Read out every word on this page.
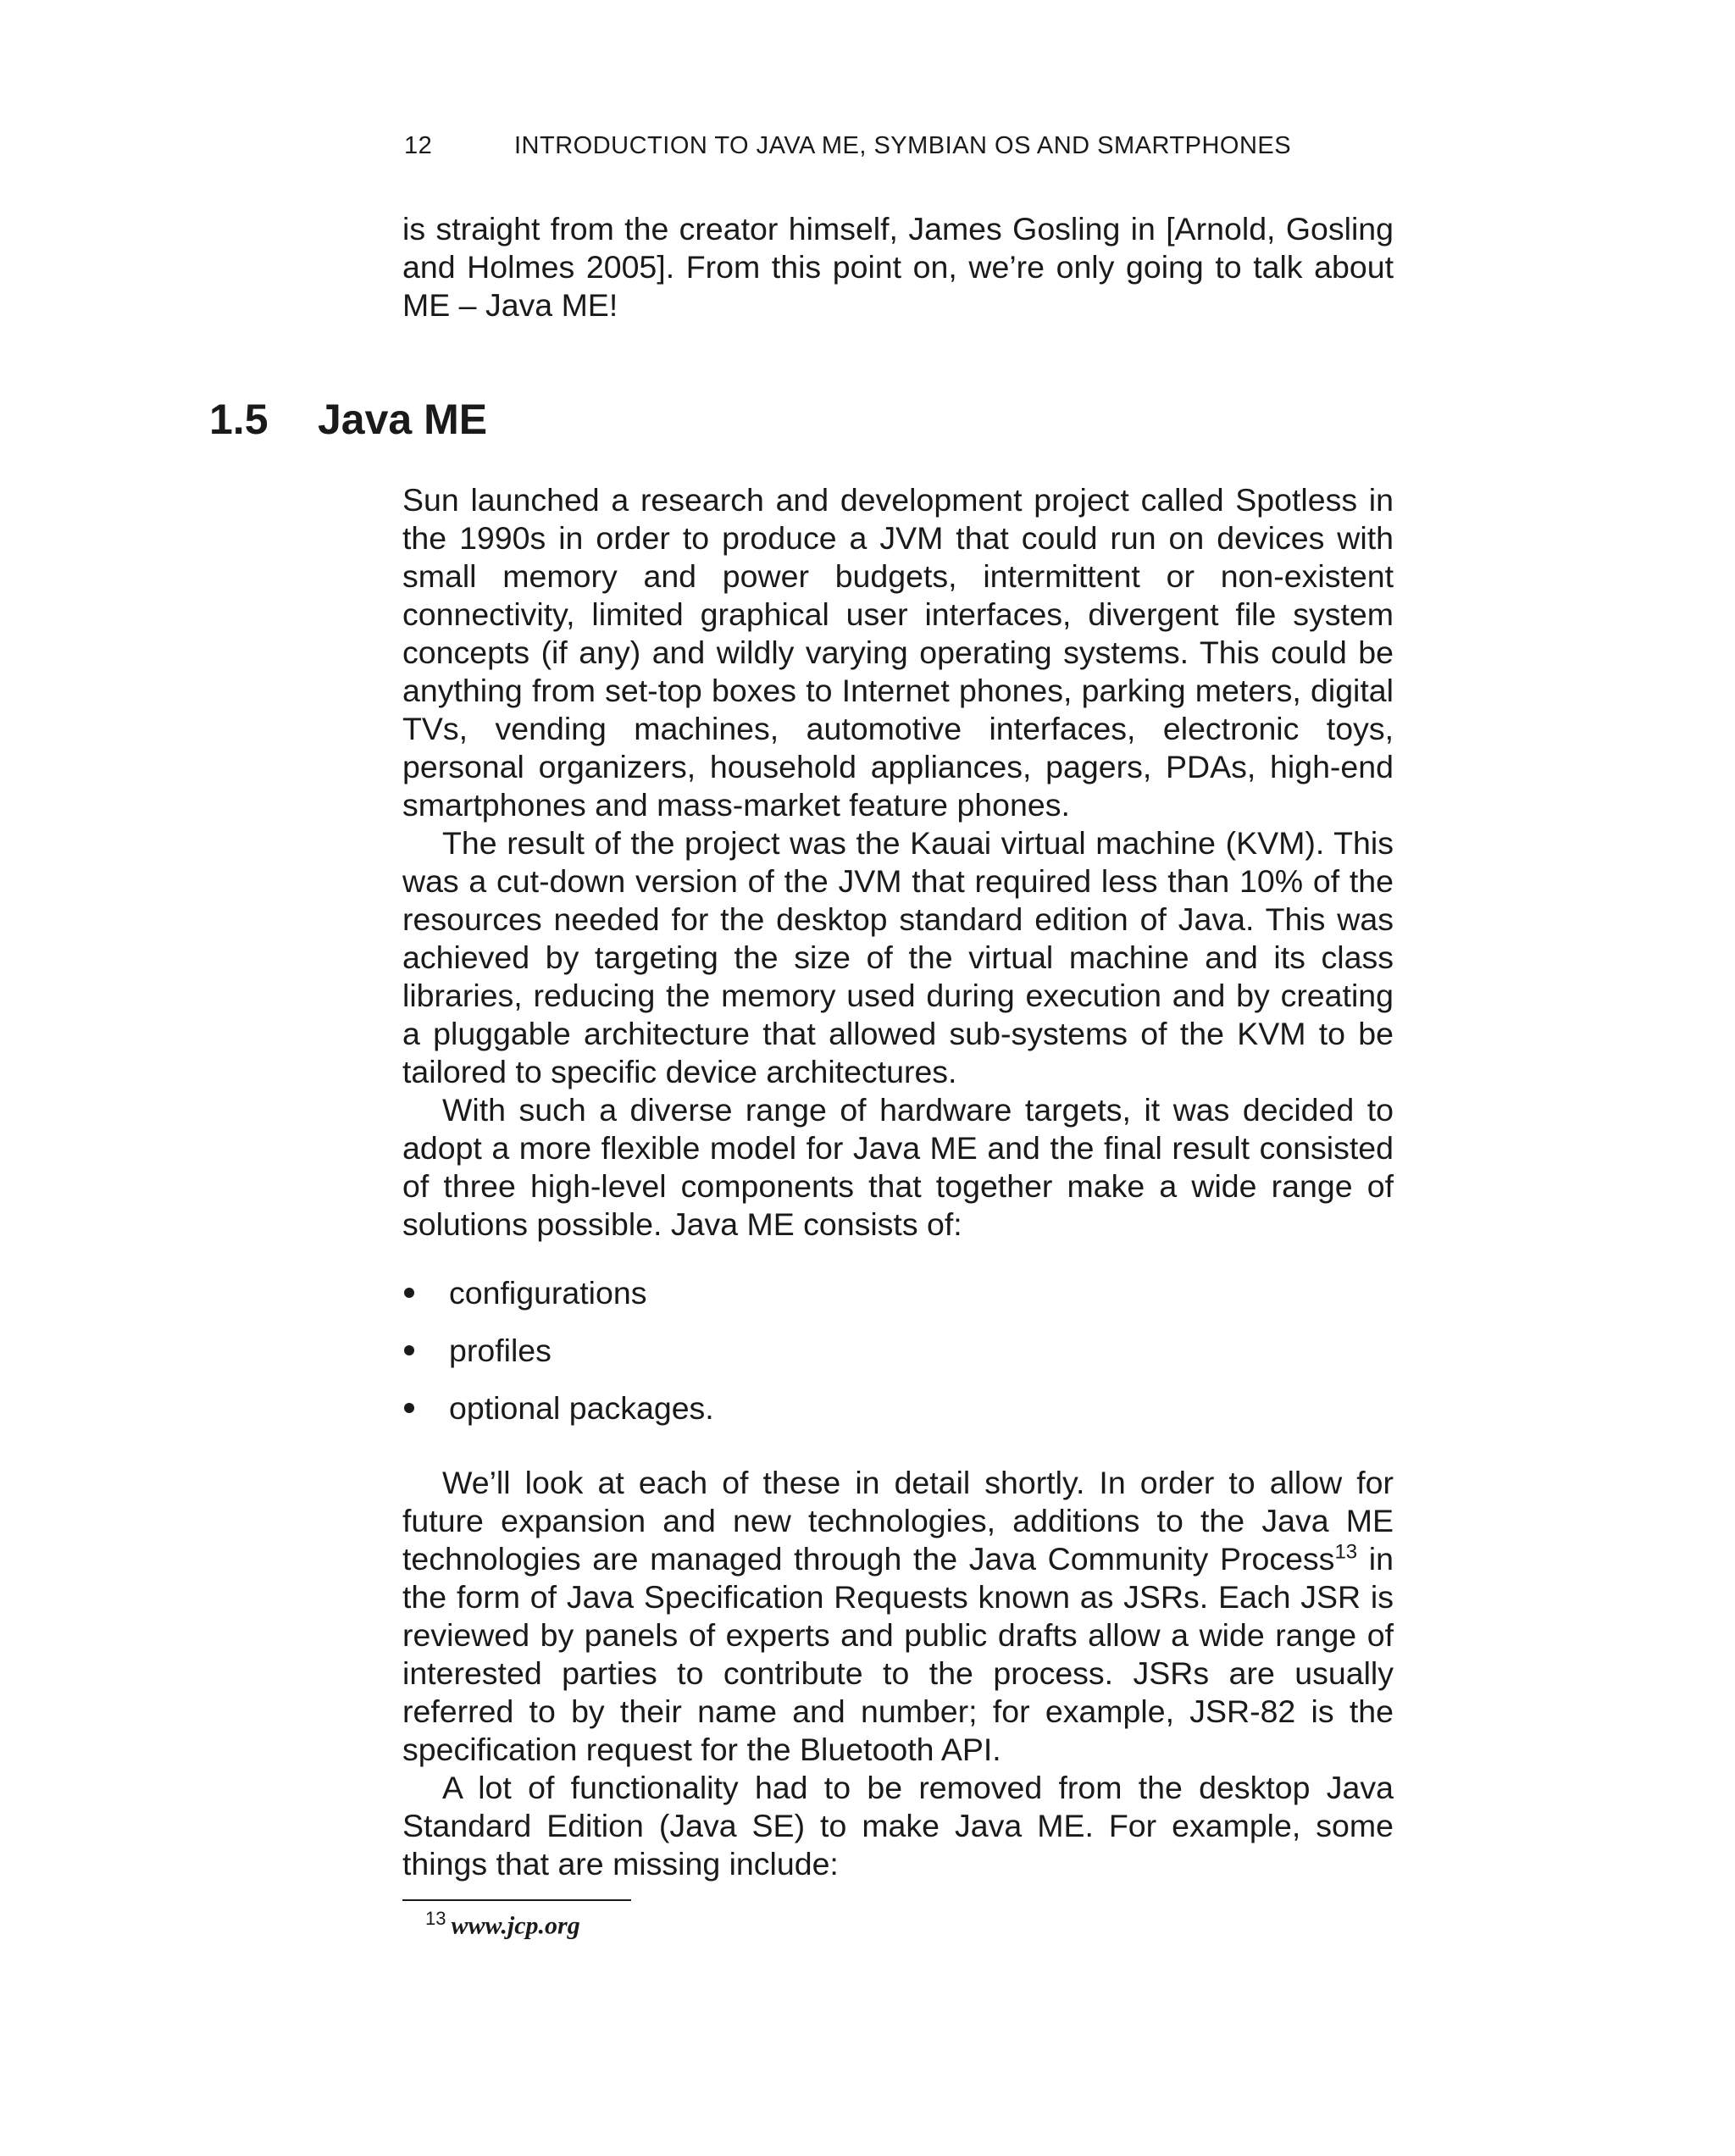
12	INTRODUCTION TO JAVA ME, SYMBIAN OS AND SMARTPHONES

is straight from the creator himself, James Gosling in [Arnold, Gosling and Holmes 2005]. From this point on, we’re only going to talk about ME – Java ME!

1.5 Java ME

Sun launched a research and development project called Spotless in the 1990s in order to produce a JVM that could run on devices with small memory and power budgets, intermittent or non-existent connectivity, limited graphical user interfaces, divergent file system concepts (if any) and wildly varying operating systems. This could be anything from set-top boxes to Internet phones, parking meters, digital TVs, vending machines, automotive interfaces, electronic toys, personal organizers, household appliances, pagers, PDAs, high-end smartphones and mass-market feature phones.

The result of the project was the Kauai virtual machine (KVM). This was a cut-down version of the JVM that required less than 10% of the resources needed for the desktop standard edition of Java. This was achieved by targeting the size of the virtual machine and its class libraries, reducing the memory used during execution and by creating a pluggable architecture that allowed sub-systems of the KVM to be tailored to specific device architectures.

With such a diverse range of hardware targets, it was decided to adopt a more flexible model for Java ME and the final result consisted of three high-level components that together make a wide range of solutions possible. Java ME consists of:

configurations
profiles
optional packages.

We’ll look at each of these in detail shortly. In order to allow for future expansion and new technologies, additions to the Java ME technologies are managed through the Java Community Process$^{13}$ in the form of Java Specification Requests known as JSRs. Each JSR is reviewed by panels of experts and public drafts allow a wide range of interested parties to contribute to the process. JSRs are usually referred to by their name and number; for example, JSR-82 is the specification request for the Bluetooth API.

A lot of functionality had to be removed from the desktop Java Standard Edition (Java SE) to make Java ME. For example, some things that are missing include:

$^{13}$ www.jcp.org
